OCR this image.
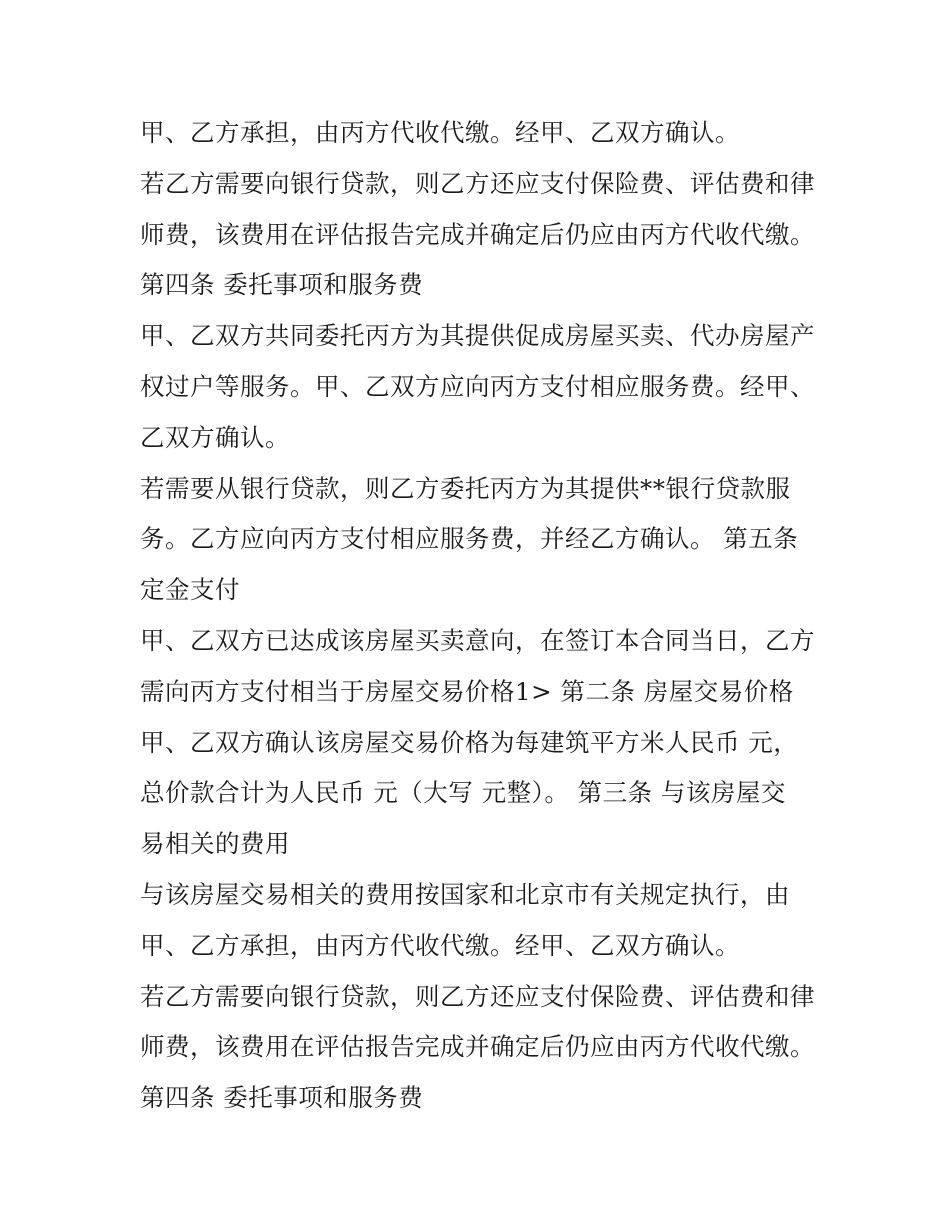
甲、乙方承担，由丙方代收代缴。经甲、乙双方确认。
若乙方需要向银行贷款，则乙方还应支付保险费、评估费和律
师费，该费用在评估报告完成并确定后仍应由丙方代收代缴。
第四条 委托事项和服务费
甲、乙双方共同委托丙方为其提供促成房屋买卖、代办房屋产
权过户等服务。甲、乙双方应向丙方支付相应服务费。经甲、
乙双方确认。
若需要从银行贷款，则乙方委托丙方为其提供**银行贷款服
务。乙方应向丙方支付相应服务费，并经乙方确认。 第五条
定金支付
甲、乙双方已达成该房屋买卖意向，在签订本合同当日，乙方
需向丙方支付相当于房屋交易价格1> 第二条 房屋交易价格
甲、乙双方确认该房屋交易价格为每建筑平方米人民币 元，
总价款合计为人民币 元（大写 元整）。 第三条 与该房屋交
易相关的费用
与该房屋交易相关的费用按国家和北京市有关规定执行，由
甲、乙方承担，由丙方代收代缴。经甲、乙双方确认。
若乙方需要向银行贷款，则乙方还应支付保险费、评估费和律
师费，该费用在评估报告完成并确定后仍应由丙方代收代缴。
第四条 委托事项和服务费
